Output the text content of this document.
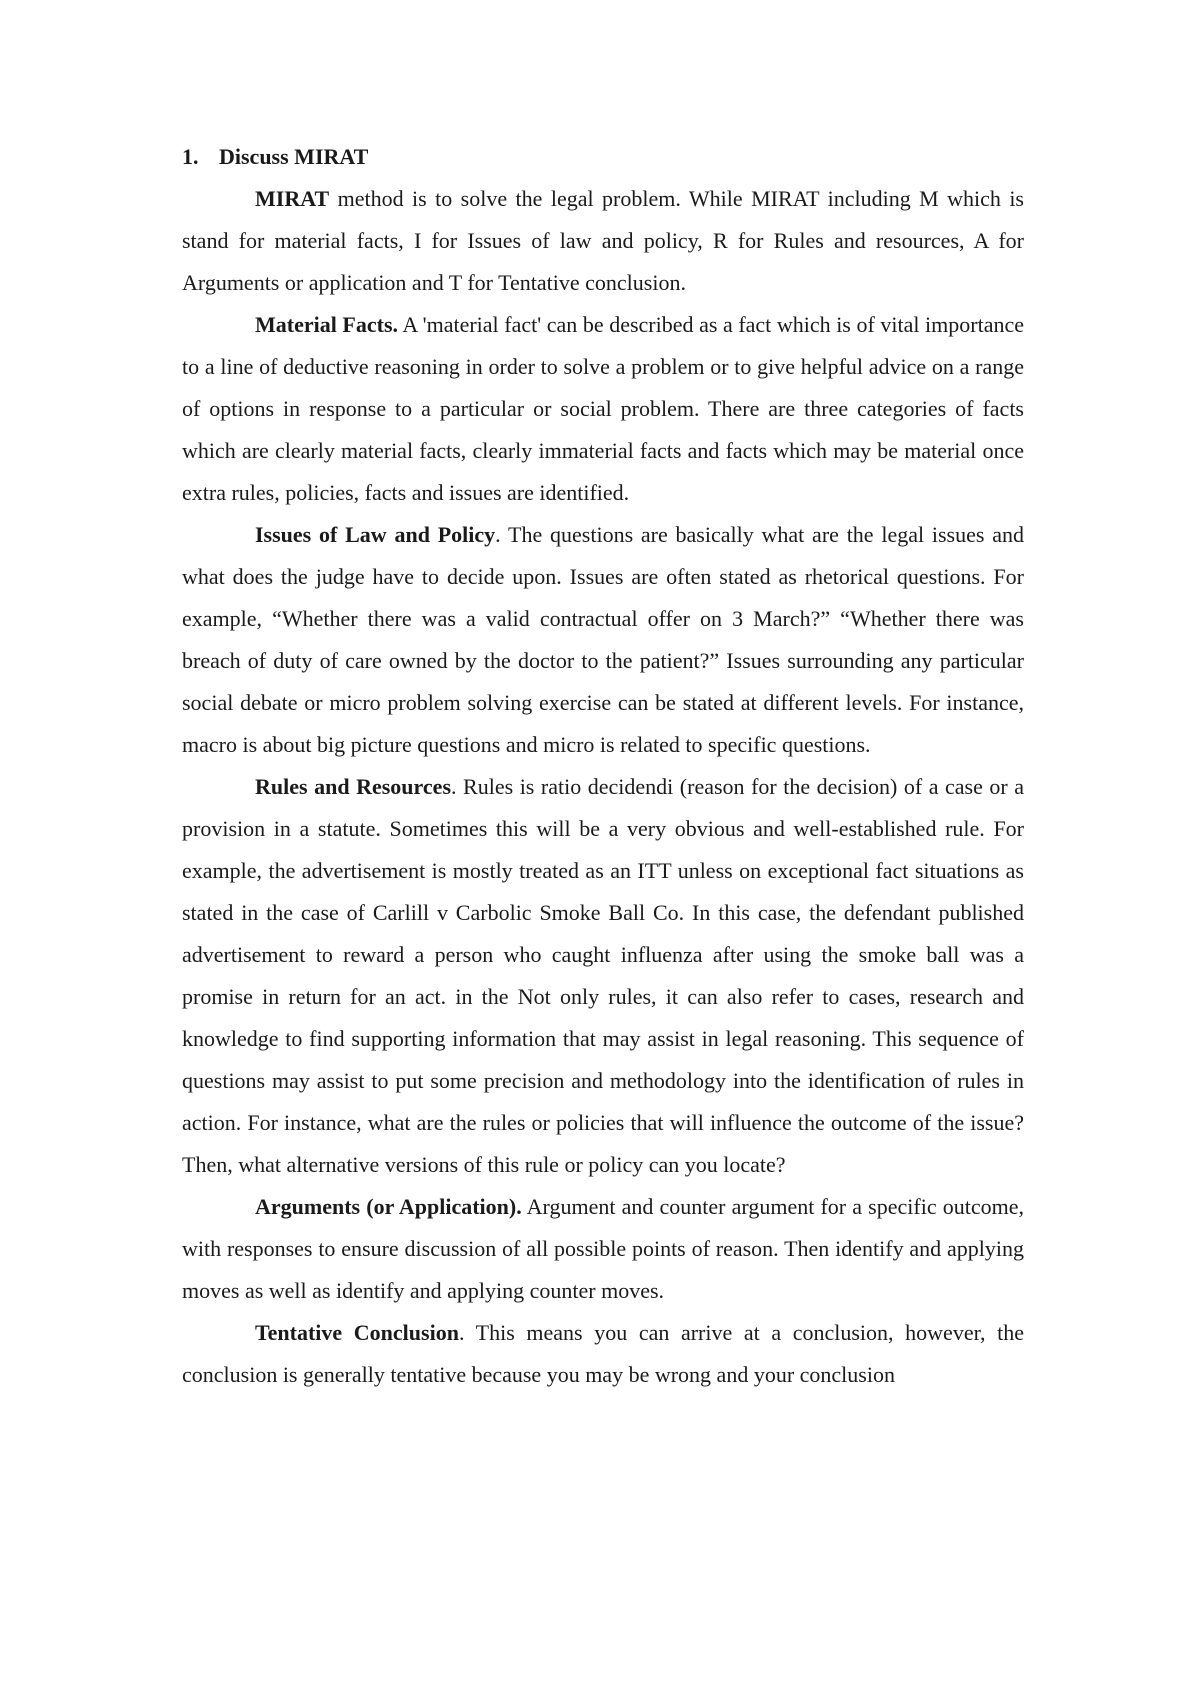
1. Discuss MIRAT

MIRAT method is to solve the legal problem. While MIRAT including M which is stand for material facts, I for Issues of law and policy, R for Rules and resources, A for Arguments or application and T for Tentative conclusion.

Material Facts. A 'material fact' can be described as a fact which is of vital importance to a line of deductive reasoning in order to solve a problem or to give helpful advice on a range of options in response to a particular or social problem. There are three categories of facts which are clearly material facts, clearly immaterial facts and facts which may be material once extra rules, policies, facts and issues are identified.

Issues of Law and Policy. The questions are basically what are the legal issues and what does the judge have to decide upon. Issues are often stated as rhetorical questions. For example, “Whether there was a valid contractual offer on 3 March?” “Whether there was breach of duty of care owned by the doctor to the patient?” Issues surrounding any particular social debate or micro problem solving exercise can be stated at different levels. For instance, macro is about big picture questions and micro is related to specific questions.

Rules and Resources. Rules is ratio decidendi (reason for the decision) of a case or a provision in a statute. Sometimes this will be a very obvious and well-established rule. For example, the advertisement is mostly treated as an ITT unless on exceptional fact situations as stated in the case of Carlill v Carbolic Smoke Ball Co. In this case, the defendant published advertisement to reward a person who caught influenza after using the smoke ball was a promise in return for an act. in the Not only rules, it can also refer to cases, research and knowledge to find supporting information that may assist in legal reasoning. This sequence of questions may assist to put some precision and methodology into the identification of rules in action. For instance, what are the rules or policies that will influence the outcome of the issue? Then, what alternative versions of this rule or policy can you locate?

Arguments (or Application). Argument and counter argument for a specific outcome, with responses to ensure discussion of all possible points of reason. Then identify and applying moves as well as identify and applying counter moves.

Tentative Conclusion. This means you can arrive at a conclusion, however, the conclusion is generally tentative because you may be wrong and your conclusion
